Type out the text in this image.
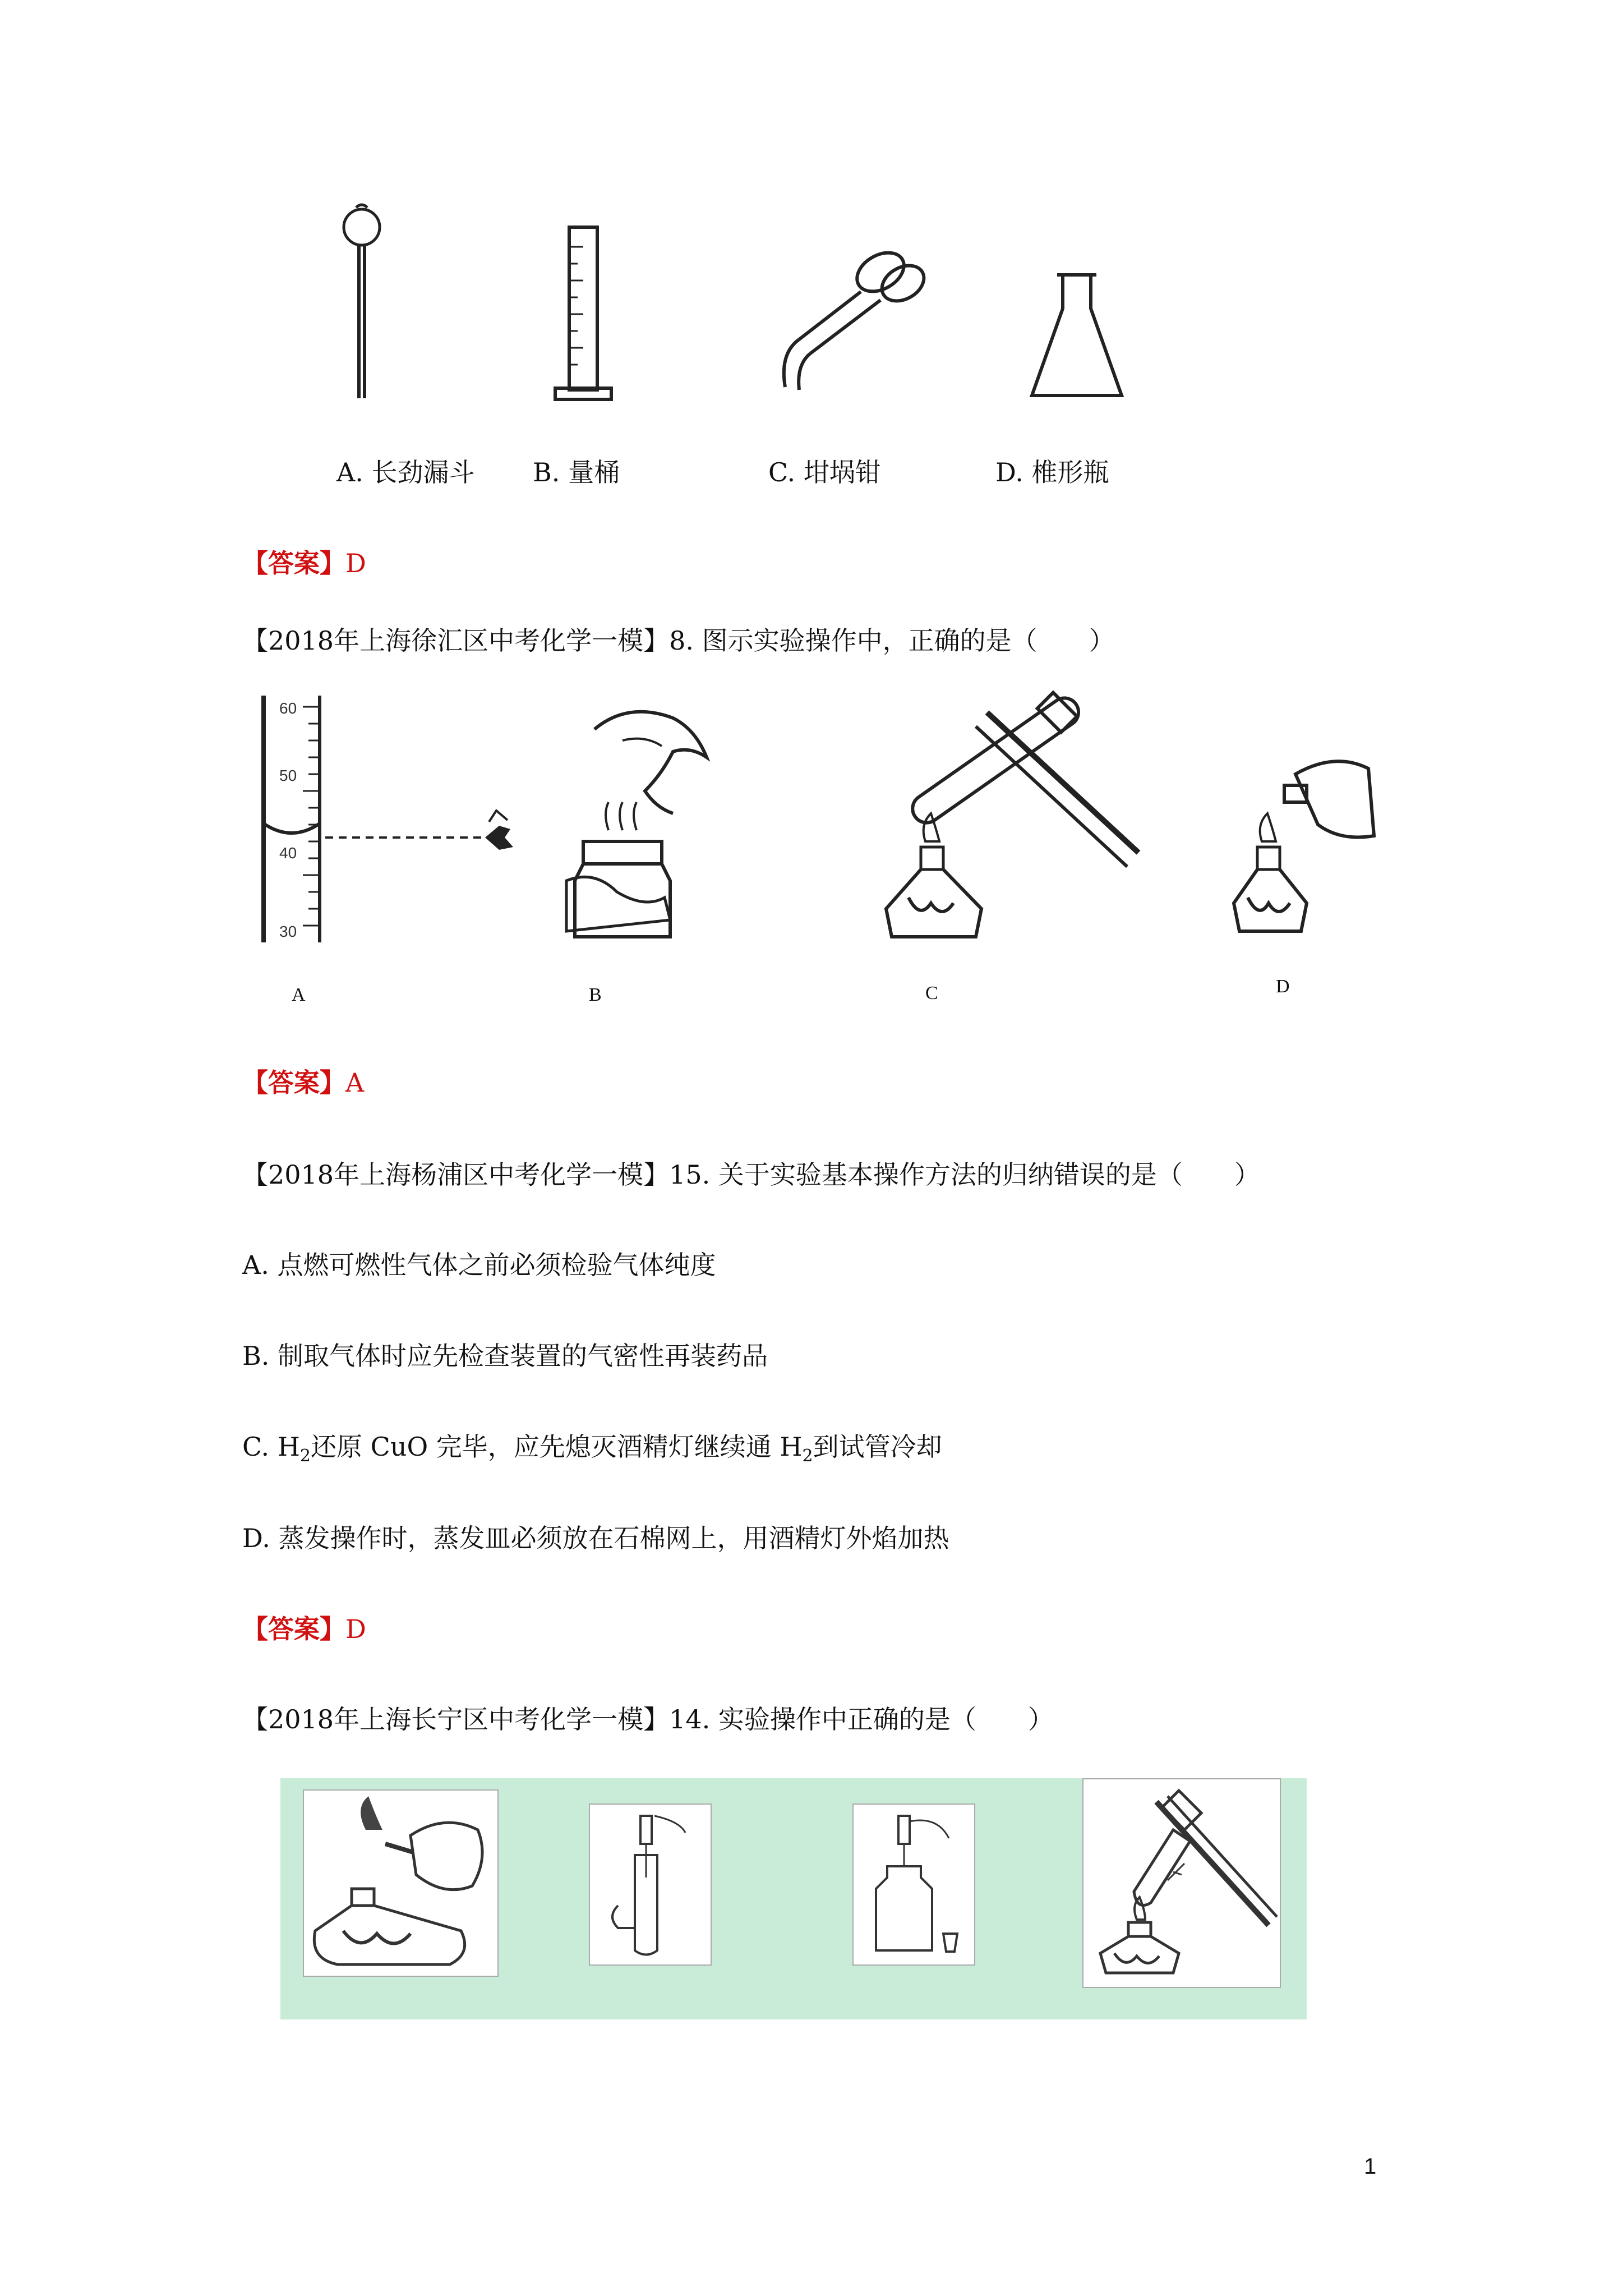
A. 长劲漏斗 B. 量桶	C. 坩埚钳	D. 椎形瓶
【答案】D
【2018年上海徐汇区中考化学一模】8. 图示实验操作中，正确的是（　　）
60
50
40
30
A	B	C	D
【答案】A
【2018年上海杨浦区中考化学一模】15. 关于实验基本操作方法的归纳错误的是（　　）
A. 点燃可燃性气体之前必须检验气体纯度
B. 制取气体时应先检查装置的气密性再装药品
C. $H_2$还原 CuO 完毕，应先熄灭酒精灯继续通 $H_2$到试管冷却
D. 蒸发操作时，蒸发皿必须放在石棉网上，用酒精灯外焰加热
【答案】D
【2018年上海长宁区中考化学一模】14. 实验操作中正确的是（　　）
1
